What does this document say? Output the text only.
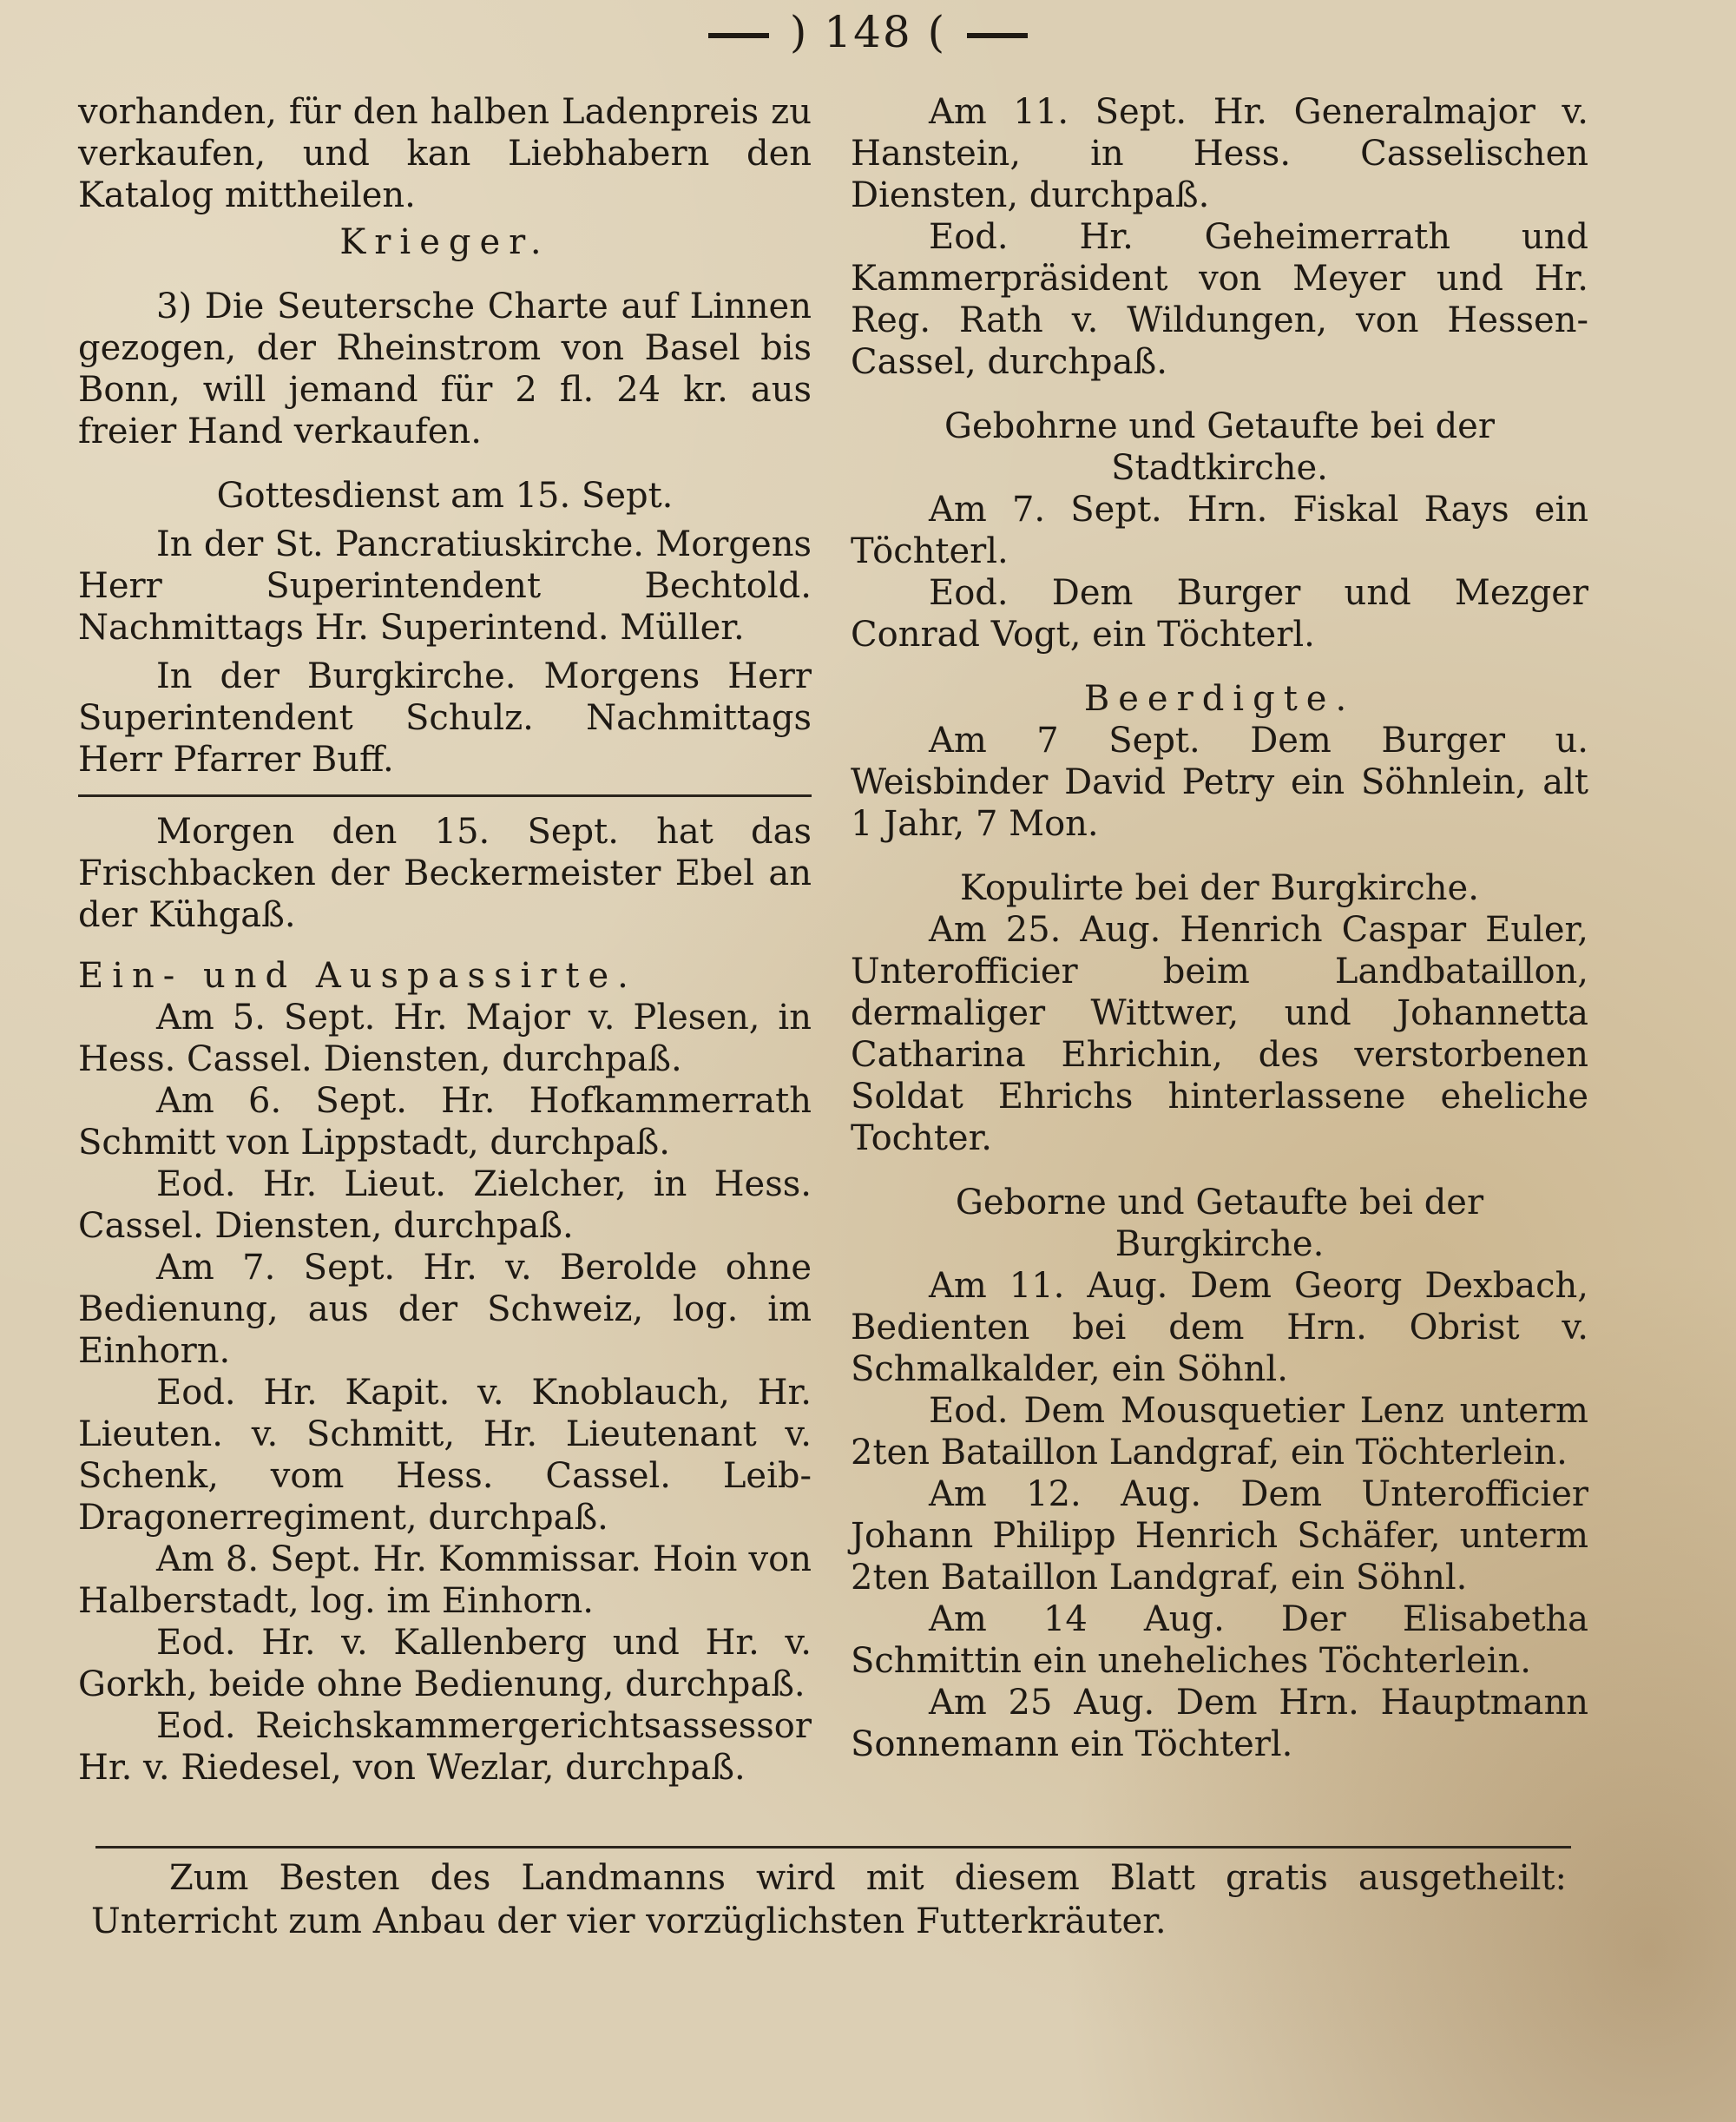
) 148 (

vorhanden, für den halben Ladenpreis zu verkaufen, und kan Liebhabern den Katalog mittheilen.

Krieger.

3) Die Seutersche Charte auf Linnen gezogen, der Rheinstrom von Basel bis Bonn, will jemand für 2 fl. 24 kr. aus freier Hand verkaufen.

Gottesdienst am 15. Sept.

In der St. Pancratiuskirche. Morgens Herr Superintendent Bechtold. Nachmittags Hr. Superintend. Müller.

In der Burgkirche. Morgens Herr Superintendent Schulz. Nachmittags Herr Pfarrer Buff.

Morgen den 15. Sept. hat das Frischbacken der Beckermeister Ebel an der Kühgaß.

Ein- und Auspassirte.

Am 5. Sept. Hr. Major v. Plesen, in Hess. Cassel. Diensten, durchpaß.

Am 6. Sept. Hr. Hofkammerrath Schmitt von Lippstadt, durchpaß.

Eod. Hr. Lieut. Zielcher, in Hess. Cassel. Diensten, durchpaß.

Am 7. Sept. Hr. v. Berolde ohne Bedienung, aus der Schweiz, log. im Einhorn.

Eod. Hr. Kapit. v. Knoblauch, Hr. Lieuten. v. Schmitt, Hr. Lieutenant v. Schenk, vom Hess. Cassel. Leib-Dragonerregiment, durchpaß.

Am 8. Sept. Hr. Kommissar. Hoin von Halberstadt, log. im Einhorn.

Eod. Hr. v. Kallenberg und Hr. v. Gorkh, beide ohne Bedienung, durchpaß.

Eod. Reichskammergerichtsassessor Hr. v. Riedesel, von Wezlar, durchpaß.

Am 11. Sept. Hr. Generalmajor v. Hanstein, in Hess. Casselischen Diensten, durchpaß.

Eod. Hr. Geheimerrath und Kammerpräsident von Meyer und Hr. Reg. Rath v. Wildungen, von Hessen-Cassel, durchpaß.

Gebohrne und Getaufte bei der Stadtkirche.

Am 7. Sept. Hrn. Fiskal Rays ein Töchterl.

Eod. Dem Burger und Mezger Conrad Vogt, ein Töchterl.

Beerdigte.

Am 7 Sept. Dem Burger u. Weisbinder David Petry ein Söhnlein, alt 1 Jahr, 7 Mon.

Kopulirte bei der Burgkirche.

Am 25. Aug. Henrich Caspar Euler, Unterofficier beim Landbataillon, dermaliger Wittwer, und Johannetta Catharina Ehrichin, des verstorbenen Soldat Ehrichs hinterlassene eheliche Tochter.

Geborne und Getaufte bei der Burgkirche.

Am 11. Aug. Dem Georg Dexbach, Bedienten bei dem Hrn. Obrist v. Schmalkalder, ein Söhnl.

Eod. Dem Mousquetier Lenz unterm 2ten Bataillon Landgraf, ein Töchterlein.

Am 12. Aug. Dem Unterofficier Johann Philipp Henrich Schäfer, unterm 2ten Bataillon Landgraf, ein Söhnl.

Am 14 Aug. Der Elisabetha Schmittin ein uneheliches Töchterlein.

Am 25 Aug. Dem Hrn. Hauptmann Sonnemann ein Töchterl.

Zum Besten des Landmanns wird mit diesem Blatt gratis ausgetheilt: Unterricht zum Anbau der vier vorzüglichsten Futterkräuter.
